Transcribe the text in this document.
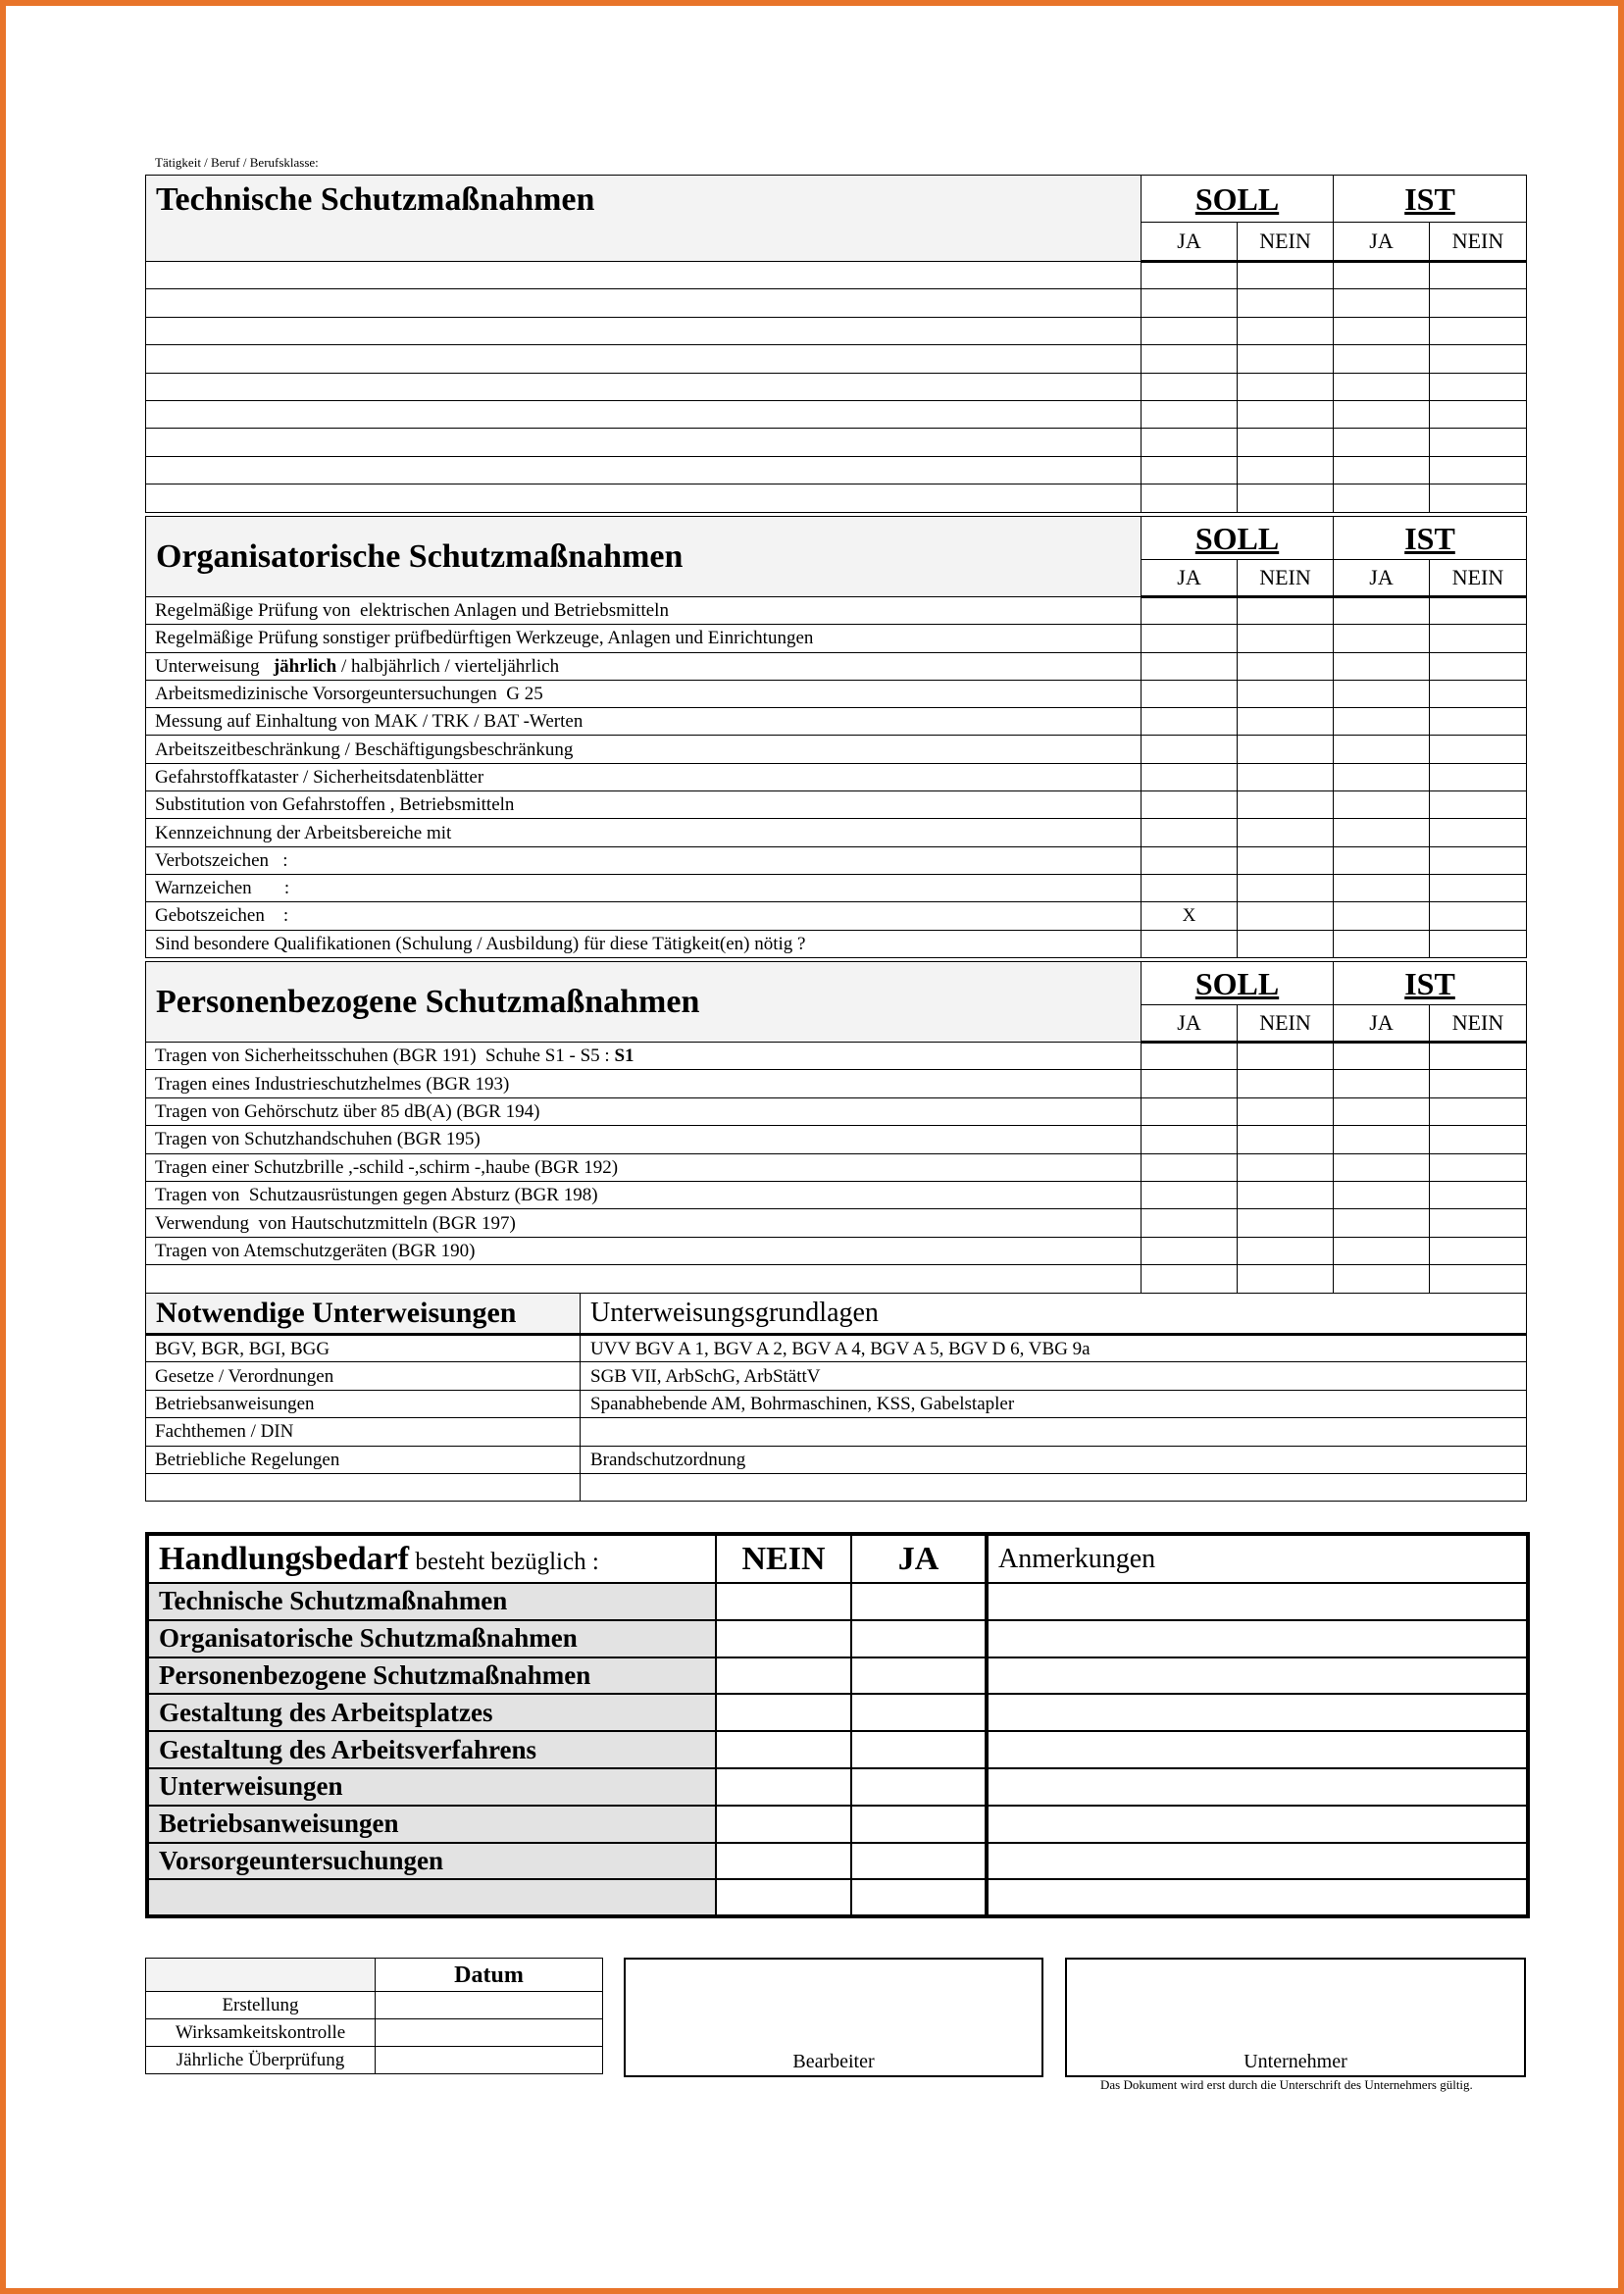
Tätigkeit / Beruf / Berufsklasse:
Technische Schutzmaßnahmen	SOLL		IST	
	JA	NEIN	JA	NEIN

Organisatorische Schutzmaßnahmen	SOLL		IST	
	JA	NEIN	JA	NEIN
Regelmäßige Prüfung von  elektrischen Anlagen und Betriebsmitteln				
Regelmäßige Prüfung sonstiger prüfbedürftigen Werkzeuge, Anlagen und Einrichtungen				
Unterweisung   jährlich / halbjährlich / vierteljährlich				
Arbeitsmedizinische Vorsorgeuntersuchungen  G 25				
Messung auf Einhaltung von MAK / TRK / BAT -Werten				
Arbeitszeitbeschränkung / Beschäftigungsbeschränkung				
Gefahrstoffkataster / Sicherheitsdatenblätter				
Substitution von Gefahrstoffen , Betriebsmitteln				
Kennzeichnung der Arbeitsbereiche mit				
Verbotszeichen   :				
Warnzeichen       :				
Gebotszeichen    :	X			
Sind besondere Qualifikationen (Schulung / Ausbildung) für diese Tätigkeit(en) nötig ?				
Personenbezogene Schutzmaßnahmen	SOLL		IST	
	JA	NEIN	JA	NEIN
Tragen von Sicherheitsschuhen (BGR 191)  Schuhe S1 - S5 : S1				
Tragen eines Industrieschutzhelmes (BGR 193)				
Tragen von Gehörschutz über 85 dB(A) (BGR 194)				
Tragen von Schutzhandschuhen (BGR 195)				
Tragen einer Schutzbrille ,-schild -,schirm -,haube (BGR 192)				
Tragen von  Schutzausrüstungen gegen Absturz (BGR 198)				
Verwendung  von Hautschutzmitteln (BGR 197)				
Tragen von Atemschutzgeräten (BGR 190)				

Notwendige Unterweisungen	Unterweisungsgrundlagen
BGV, BGR, BGI, BGG	UVV BGV A 1, BGV A 2, BGV A 4, BGV A 5, BGV D 6, VBG 9a
Gesetze / Verordnungen	SGB VII, ArbSchG, ArbStättV
Betriebsanweisungen	Spanabhebende AM, Bohrmaschinen, KSS, Gabelstapler
Fachthemen / DIN	
Betriebliche Regelungen	Brandschutzordnung

Handlungsbedarf besteht bezüglich :	NEIN	JA	Anmerkungen
Technische Schutzmaßnahmen			
Organisatorische Schutzmaßnahmen			
Personenbezogene Schutzmaßnahmen			
Gestaltung des Arbeitsplatzes			
Gestaltung des Arbeitsverfahrens			
Unterweisungen			
Betriebsanweisungen			
Vorsorgeuntersuchungen			

	Datum
Erstellung	
Wirksamkeitskontrolle	
Jährliche Überprüfung		Bearbeiter	Unternehmer
Das Dokument wird erst durch die Unterschrift des Unternehmers gültig.
